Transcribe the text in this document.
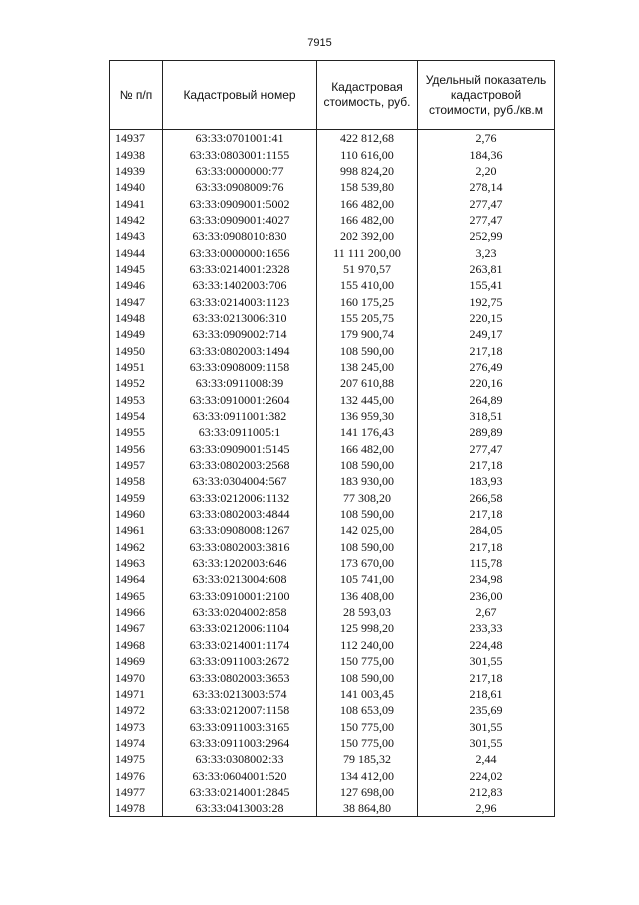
7915
№ п/п	Кадастровый номер	Кадастровая стоимость, руб.	Удельный показатель кадастровой стоимости, руб./кв.м
14937	63:33:0701001:41	422 812,68	2,76
14938	63:33:0803001:1155	110 616,00	184,36
14939	63:33:0000000:77	998 824,20	2,20
14940	63:33:0908009:76	158 539,80	278,14
14941	63:33:0909001:5002	166 482,00	277,47
14942	63:33:0909001:4027	166 482,00	277,47
14943	63:33:0908010:830	202 392,00	252,99
14944	63:33:0000000:1656	11 111 200,00	3,23
14945	63:33:0214001:2328	51 970,57	263,81
14946	63:33:1402003:706	155 410,00	155,41
14947	63:33:0214003:1123	160 175,25	192,75
14948	63:33:0213006:310	155 205,75	220,15
14949	63:33:0909002:714	179 900,74	249,17
14950	63:33:0802003:1494	108 590,00	217,18
14951	63:33:0908009:1158	138 245,00	276,49
14952	63:33:0911008:39	207 610,88	220,16
14953	63:33:0910001:2604	132 445,00	264,89
14954	63:33:0911001:382	136 959,30	318,51
14955	63:33:0911005:1	141 176,43	289,89
14956	63:33:0909001:5145	166 482,00	277,47
14957	63:33:0802003:2568	108 590,00	217,18
14958	63:33:0304004:567	183 930,00	183,93
14959	63:33:0212006:1132	77 308,20	266,58
14960	63:33:0802003:4844	108 590,00	217,18
14961	63:33:0908008:1267	142 025,00	284,05
14962	63:33:0802003:3816	108 590,00	217,18
14963	63:33:1202003:646	173 670,00	115,78
14964	63:33:0213004:608	105 741,00	234,98
14965	63:33:0910001:2100	136 408,00	236,00
14966	63:33:0204002:858	28 593,03	2,67
14967	63:33:0212006:1104	125 998,20	233,33
14968	63:33:0214001:1174	112 240,00	224,48
14969	63:33:0911003:2672	150 775,00	301,55
14970	63:33:0802003:3653	108 590,00	217,18
14971	63:33:0213003:574	141 003,45	218,61
14972	63:33:0212007:1158	108 653,09	235,69
14973	63:33:0911003:3165	150 775,00	301,55
14974	63:33:0911003:2964	150 775,00	301,55
14975	63:33:0308002:33	79 185,32	2,44
14976	63:33:0604001:520	134 412,00	224,02
14977	63:33:0214001:2845	127 698,00	212,83
14978	63:33:0413003:28	38 864,80	2,96
